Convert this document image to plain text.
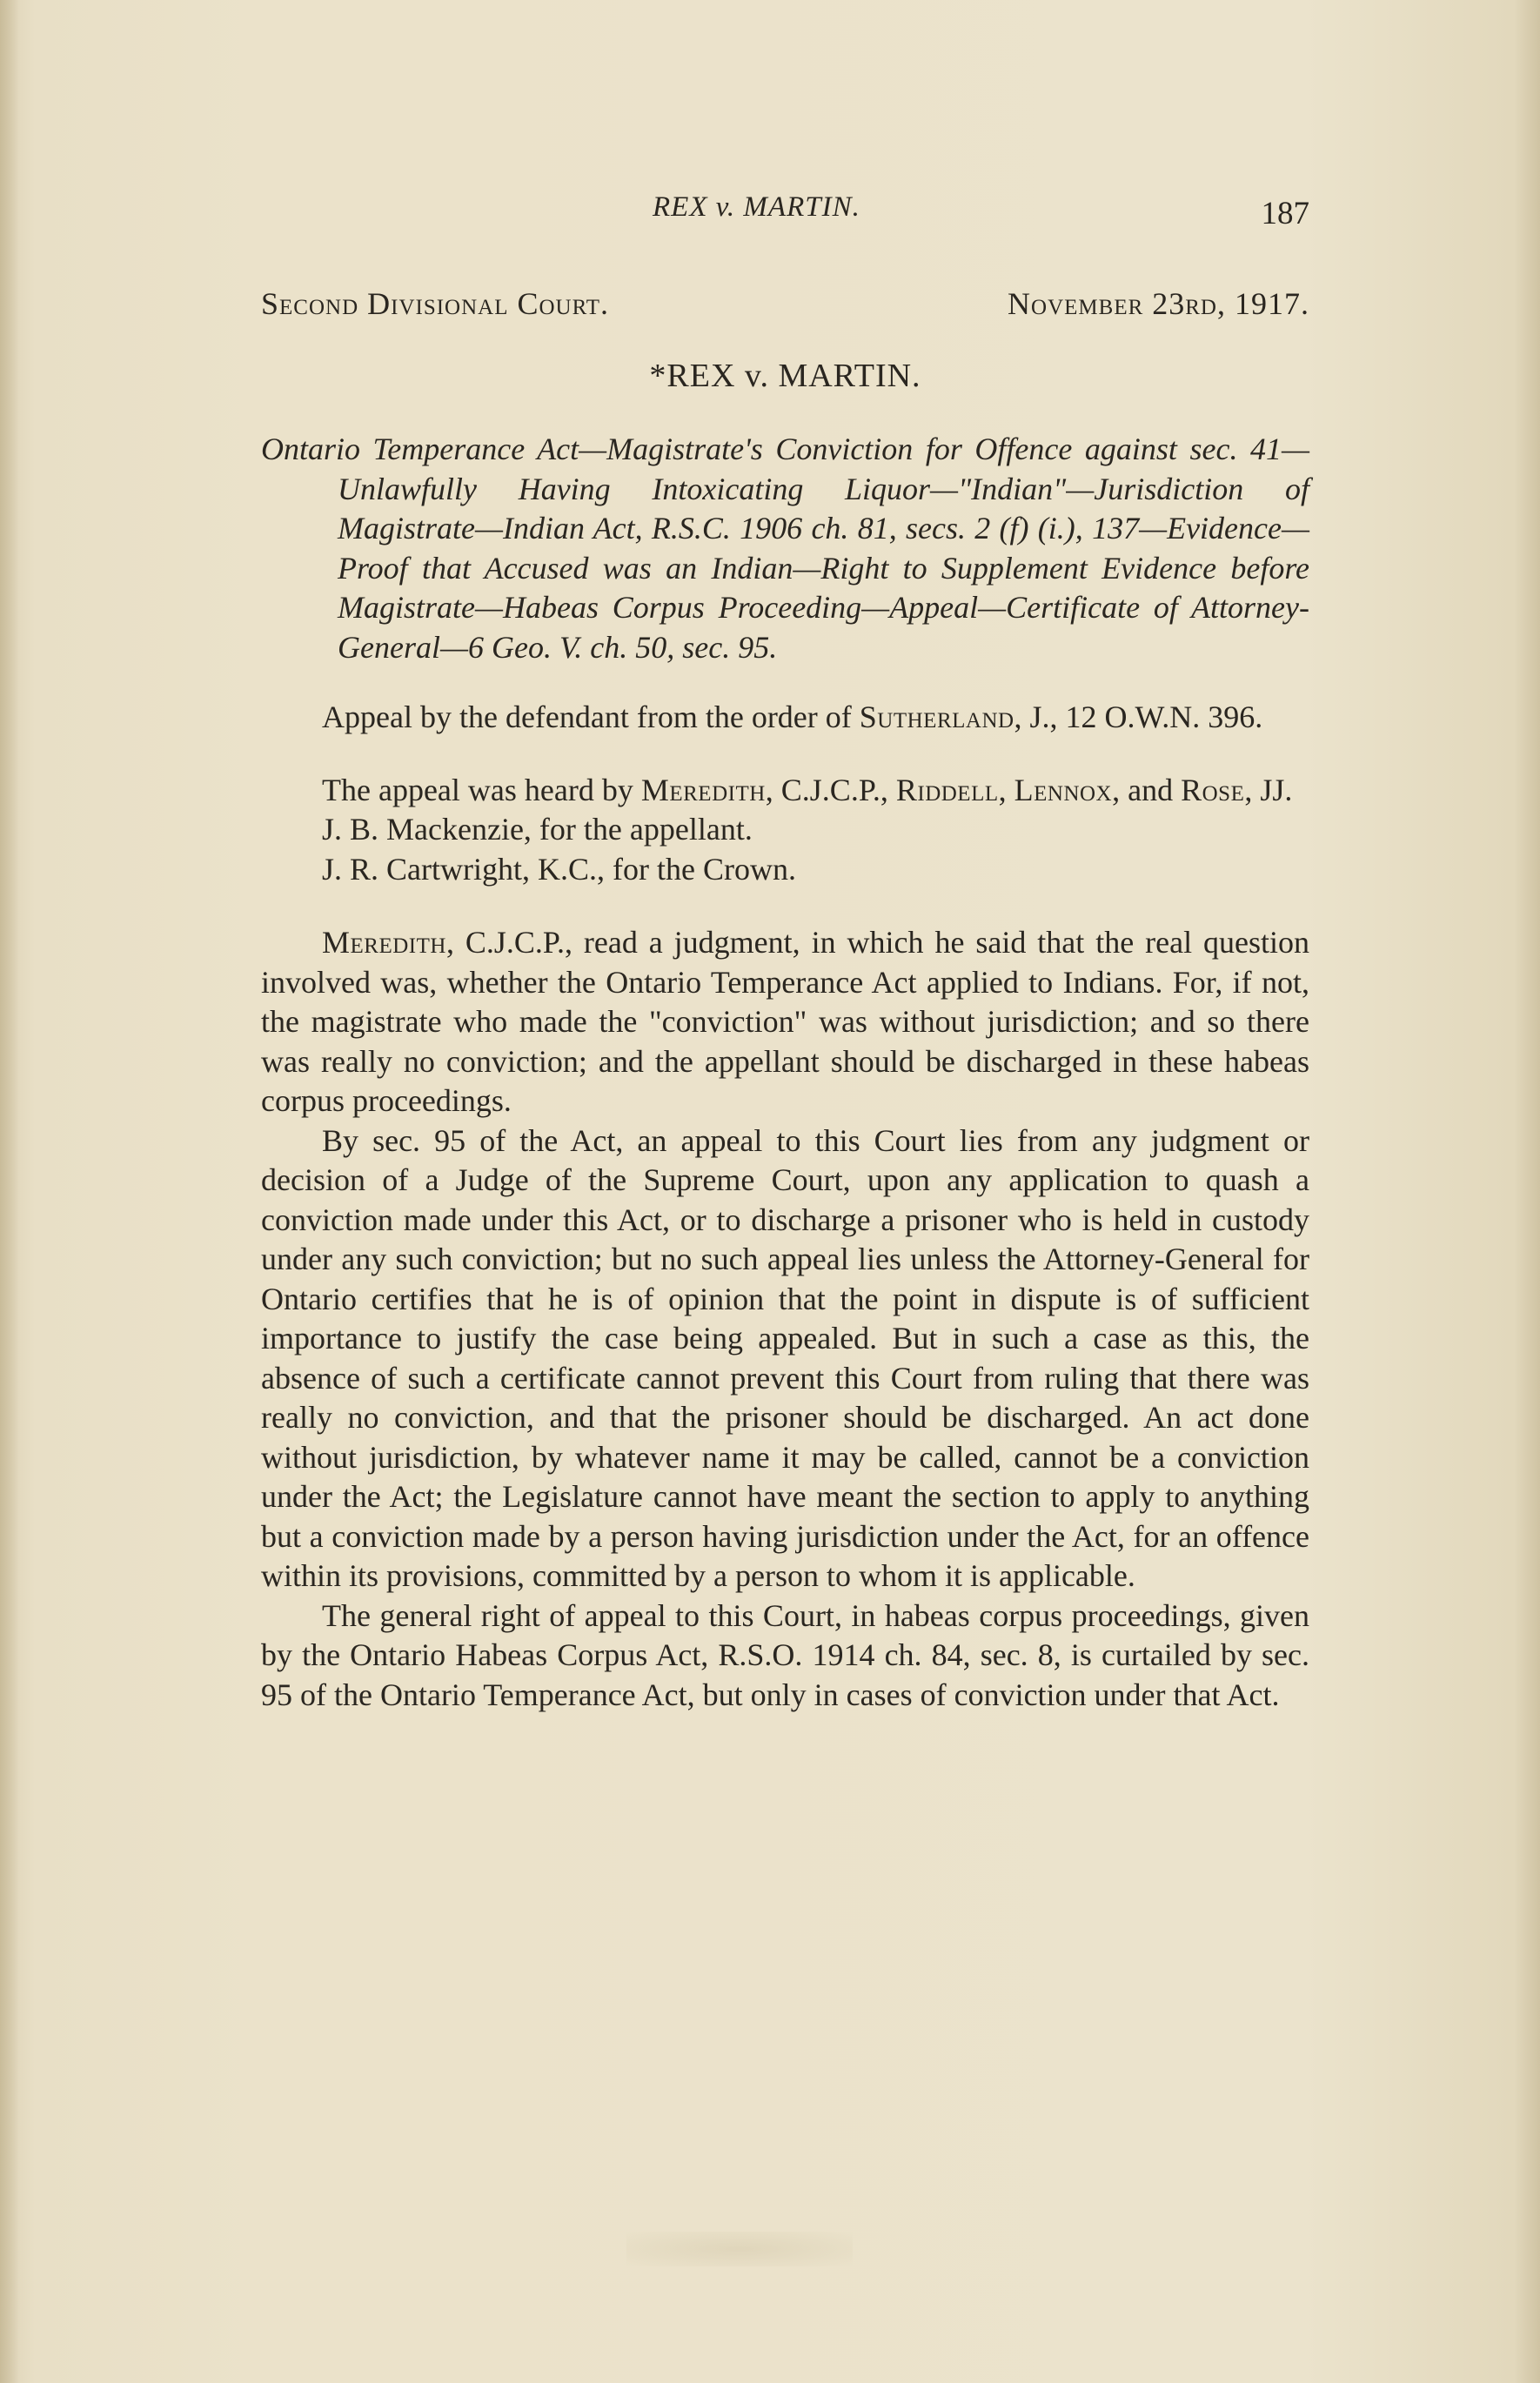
REX v. MARTIN.	187
Second Divisional Court.	November 23rd, 1917.
*REX v. MARTIN.
Ontario Temperance Act—Magistrate's Conviction for Offence against sec. 41—Unlawfully Having Intoxicating Liquor—"Indian"—Jurisdiction of Magistrate—Indian Act, R.S.C. 1906 ch. 81, secs. 2 (f) (i.), 137—Evidence—Proof that Accused was an Indian—Right to Supplement Evidence before Magistrate—Habeas Corpus Proceeding—Appeal—Certificate of Attorney-General—6 Geo. V. ch. 50, sec. 95.

Appeal by the defendant from the order of Sutherland, J., 12 O.W.N. 396.

The appeal was heard by Meredith, C.J.C.P., Riddell, Lennox, and Rose, JJ.

J. B. Mackenzie, for the appellant.

J. R. Cartwright, K.C., for the Crown.

Meredith, C.J.C.P., read a judgment, in which he said that the real question involved was, whether the Ontario Temperance Act applied to Indians. For, if not, the magistrate who made the "conviction" was without jurisdiction; and so there was really no conviction; and the appellant should be discharged in these habeas corpus proceedings.

By sec. 95 of the Act, an appeal to this Court lies from any judgment or decision of a Judge of the Supreme Court, upon any application to quash a conviction made under this Act, or to discharge a prisoner who is held in custody under any such conviction; but no such appeal lies unless the Attorney-General for Ontario certifies that he is of opinion that the point in dispute is of sufficient importance to justify the case being appealed. But in such a case as this, the absence of such a certificate cannot prevent this Court from ruling that there was really no conviction, and that the prisoner should be discharged. An act done without jurisdiction, by whatever name it may be called, cannot be a conviction under the Act; the Legislature cannot have meant the section to apply to anything but a conviction made by a person having jurisdiction under the Act, for an offence within its provisions, committed by a person to whom it is applicable.

The general right of appeal to this Court, in habeas corpus proceedings, given by the Ontario Habeas Corpus Act, R.S.O. 1914 ch. 84, sec. 8, is curtailed by sec. 95 of the Ontario Temperance Act, but only in cases of conviction under that Act.
